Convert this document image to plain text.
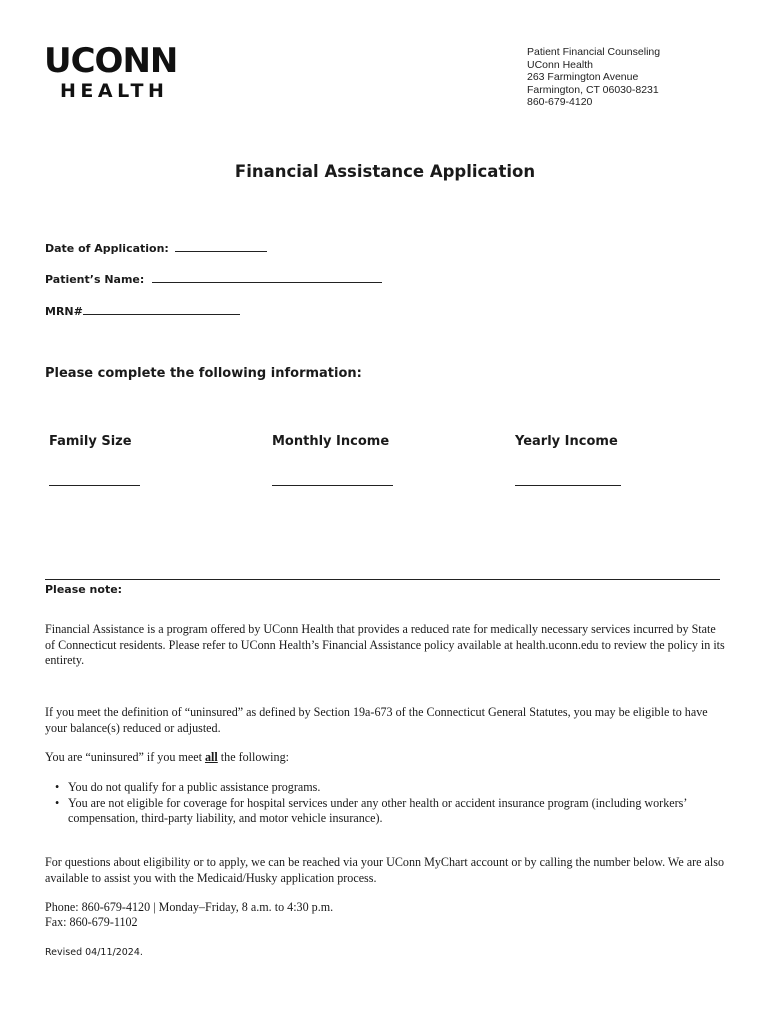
UCONN
HEALTH
Patient Financial Counseling
UConn Health
263 Farmington Avenue
Farmington, CT 06030-8231
860-679-4120
Financial Assistance Application
Date of Application:
Patient’s Name:
MRN#
Please complete the following information:
Family Size	Monthly Income	Yearly Income
Please note:
Financial Assistance is a program offered by UConn Health that provides a reduced rate for medically necessary services incurred by State of Connecticut residents. Please refer to UConn Health’s Financial Assistance policy available at health.uconn.edu to review the policy in its entirety.
If you meet the definition of “uninsured” as defined by Section 19a-673 of the Connecticut General Statutes, you may be eligible to have your balance(s) reduced or adjusted.
You are “uninsured” if you meet all the following:
• You do not qualify for a public assistance programs.
• You are not eligible for coverage for hospital services under any other health or accident insurance program (including workers’ compensation, third-party liability, and motor vehicle insurance).
For questions about eligibility or to apply, we can be reached via your UConn MyChart account or by calling the number below. We are also available to assist you with the Medicaid/Husky application process.
Phone: 860-679-4120 | Monday–Friday, 8 a.m. to 4:30 p.m.
Fax: 860-679-1102
Revised 04/11/2024.
